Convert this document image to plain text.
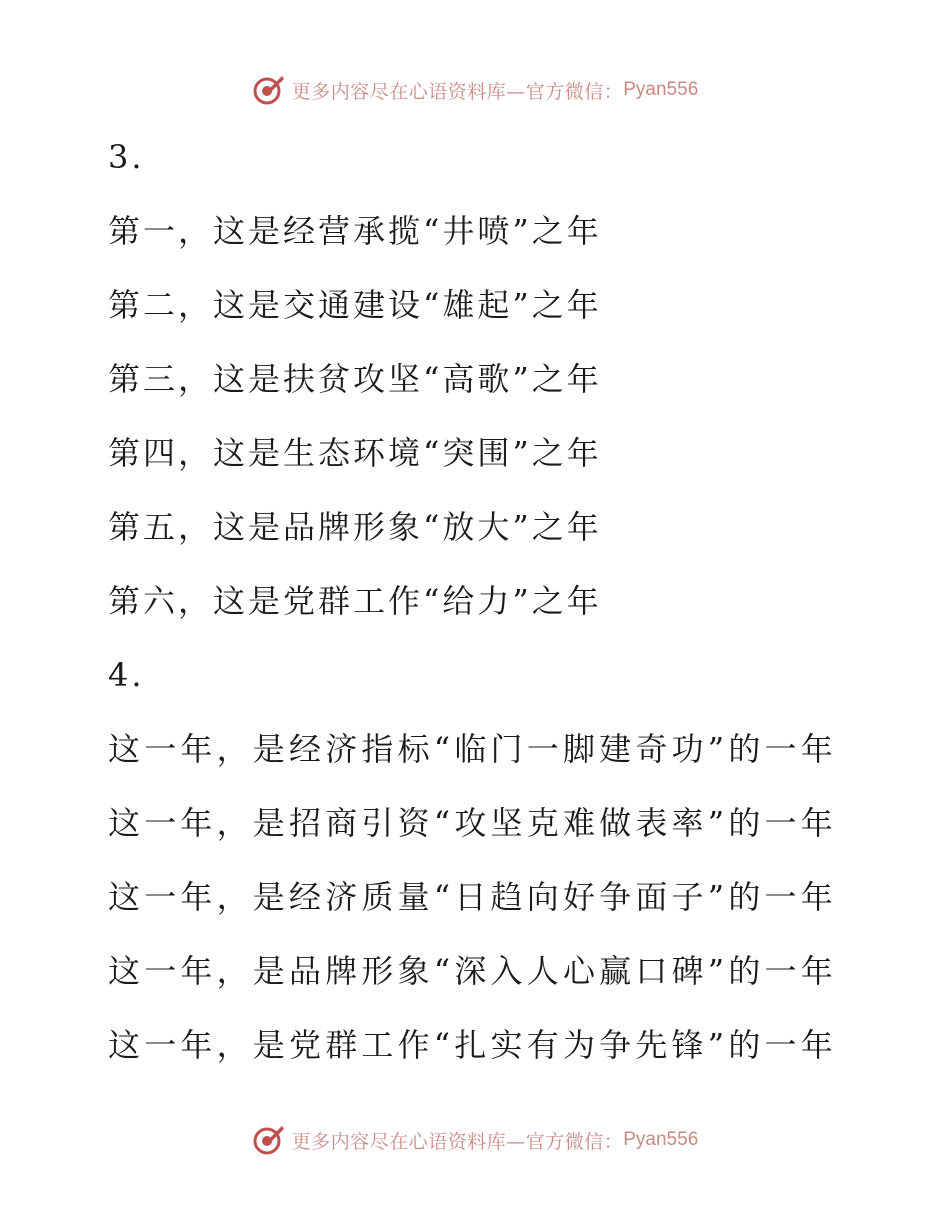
更多内容尽在心语资料库—官方微信： Pyan556
3.
第一，这是经营承揽“井喷”之年
第二，这是交通建设“雄起”之年
第三，这是扶贫攻坚“高歌”之年
第四，这是生态环境“突围”之年
第五，这是品牌形象“放大”之年
第六，这是党群工作“给力”之年
4.
这一年，是经济指标“临门一脚建奇功”的一年
这一年，是招商引资“攻坚克难做表率”的一年
这一年，是经济质量“日趋向好争面子”的一年
这一年，是品牌形象“深入人心赢口碑”的一年
这一年，是党群工作“扎实有为争先锋”的一年
更多内容尽在心语资料库—官方微信： Pyan556
